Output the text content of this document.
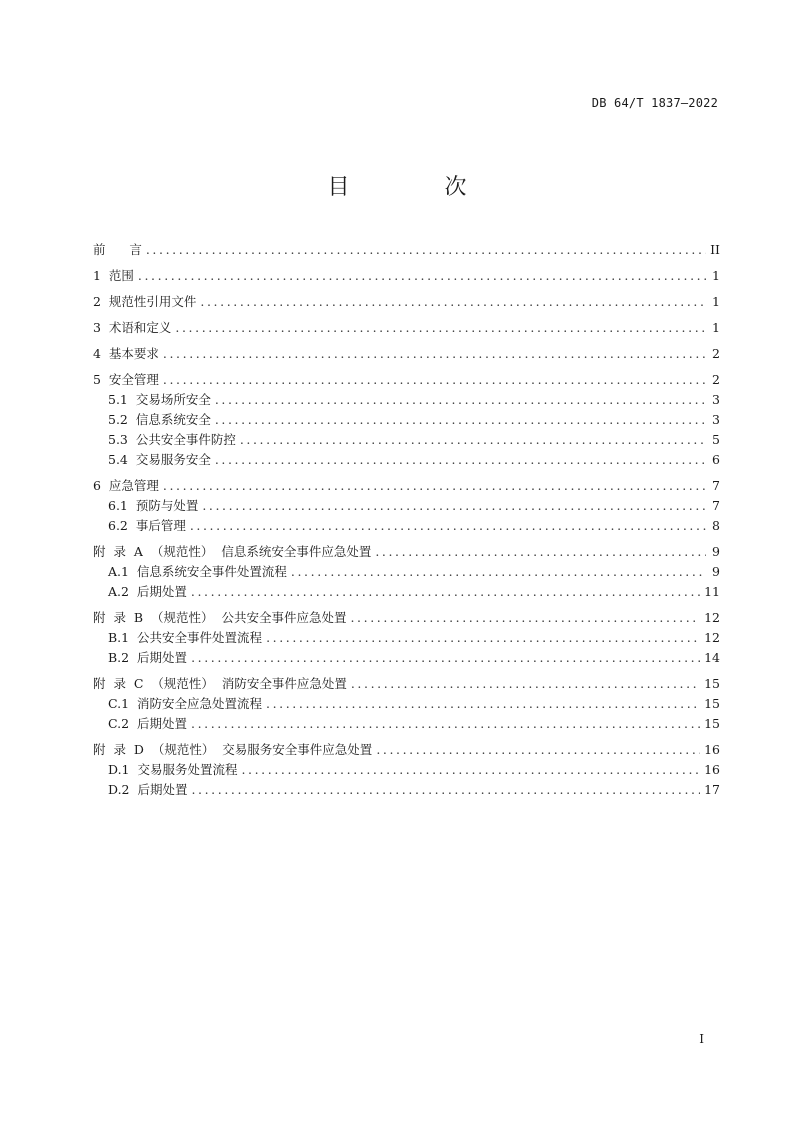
DB 64/T 1837—2022
目 次
前      言 .....	II
1  范围 .....	1
2  规范性引用文件 .....	1
3  术语和定义 .....	1
4  基本要求 .....	2
5  安全管理 .....	2
5.1  交易场所安全 .....	3
5.2  信息系统安全 .....	3
5.3  公共安全事件防控 .....	5
5.4  交易服务安全 .....	6
6  应急管理 .....	7
6.1  预防与处置 .....	7
6.2  事后管理 .....	8
附  录  A  （规范性）  信息系统安全事件应急处置 .....	9
A.1  信息系统安全事件处置流程 .....	9
A.2  后期处置 .....	11
附  录  B  （规范性）  公共安全事件应急处置 .....	12
B.1  公共安全事件处置流程 .....	12
B.2  后期处置 .....	14
附  录  C  （规范性）  消防安全事件应急处置 .....	15
C.1  消防安全应急处置流程 .....	15
C.2  后期处置 .....	15
附  录  D  （规范性）  交易服务安全事件应急处置 .....	16
D.1  交易服务处置流程 .....	16
D.2  后期处置 .....	17
I
